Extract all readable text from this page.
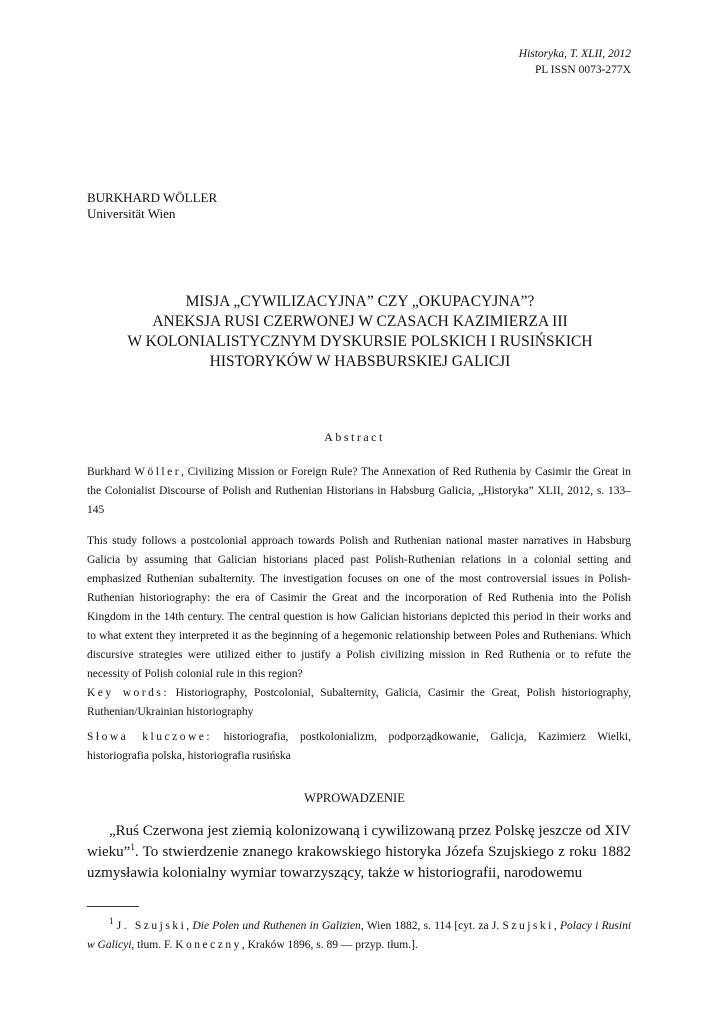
Historyka, T. XLII, 2012
PL ISSN 0073-277X
BURKHARD WÖLLER
Universität Wien
MISJA „CYWILIZACYJNA” CZY „OKUPACYJNA”?
ANEKSJA RUSI CZERWONEJ W CZASACH KAZIMIERZA III
W KOLONIALISTYCZNYM DYSKURSIE POLSKICH I RUSIŃSKICH
HISTORYKÓW W HABSBURSKIEJ GALICJI
Abstract
Burkhard Wöller, Civilizing Mission or Foreign Rule? The Annexation of Red Ruthenia by Casimir the Great in the Colonialist Discourse of Polish and Ruthenian Historians in Habsburg Galicia, „Historyka” XLII, 2012, s. 133–145
This study follows a postcolonial approach towards Polish and Ruthenian national master narratives in Habsburg Galicia by assuming that Galician historians placed past Polish-Ruthenian relations in a colonial setting and emphasized Ruthenian subalternity. The investigation focuses on one of the most controversial issues in Polish-Ruthenian historiography: the era of Casimir the Great and the incorporation of Red Ruthenia into the Polish Kingdom in the 14th century. The central question is how Galician historians depicted this period in their works and to what extent they interpreted it as the beginning of a hegemonic relationship between Poles and Ruthenians. Which discursive strategies were utilized either to justify a Polish civilizing mission in Red Ruthenia or to refute the necessity of Polish colonial rule in this region?
Key words: Historiography, Postcolonial, Subalternity, Galicia, Casimir the Great, Polish historiography, Ruthenian/Ukrainian historiography
Słowa kluczowe: historiografia, postkolonializm, podporządkowanie, Galicja, Kazimierz Wielki, historiografia polska, historiografia rusińska
WPROWADZENIE
„Ruś Czerwona jest ziemią kolonizowaną i cywilizowaną przez Polskę jeszcze od XIV wieku”$^1$. To stwierdzenie znanego krakowskiego historyka Józefa Szujskiego z roku 1882 uzmysławia kolonialny wymiar towarzyszący, także w historiografii, narodowemu
$^1$ J. Szujski, Die Polen und Ruthenen in Galizien, Wien 1882, s. 114 [cyt. za J. Szujski, Polacy i Rusini w Galicyi, tłum. F. Koneczny, Kraków 1896, s. 89 — przyp. tłum.].
